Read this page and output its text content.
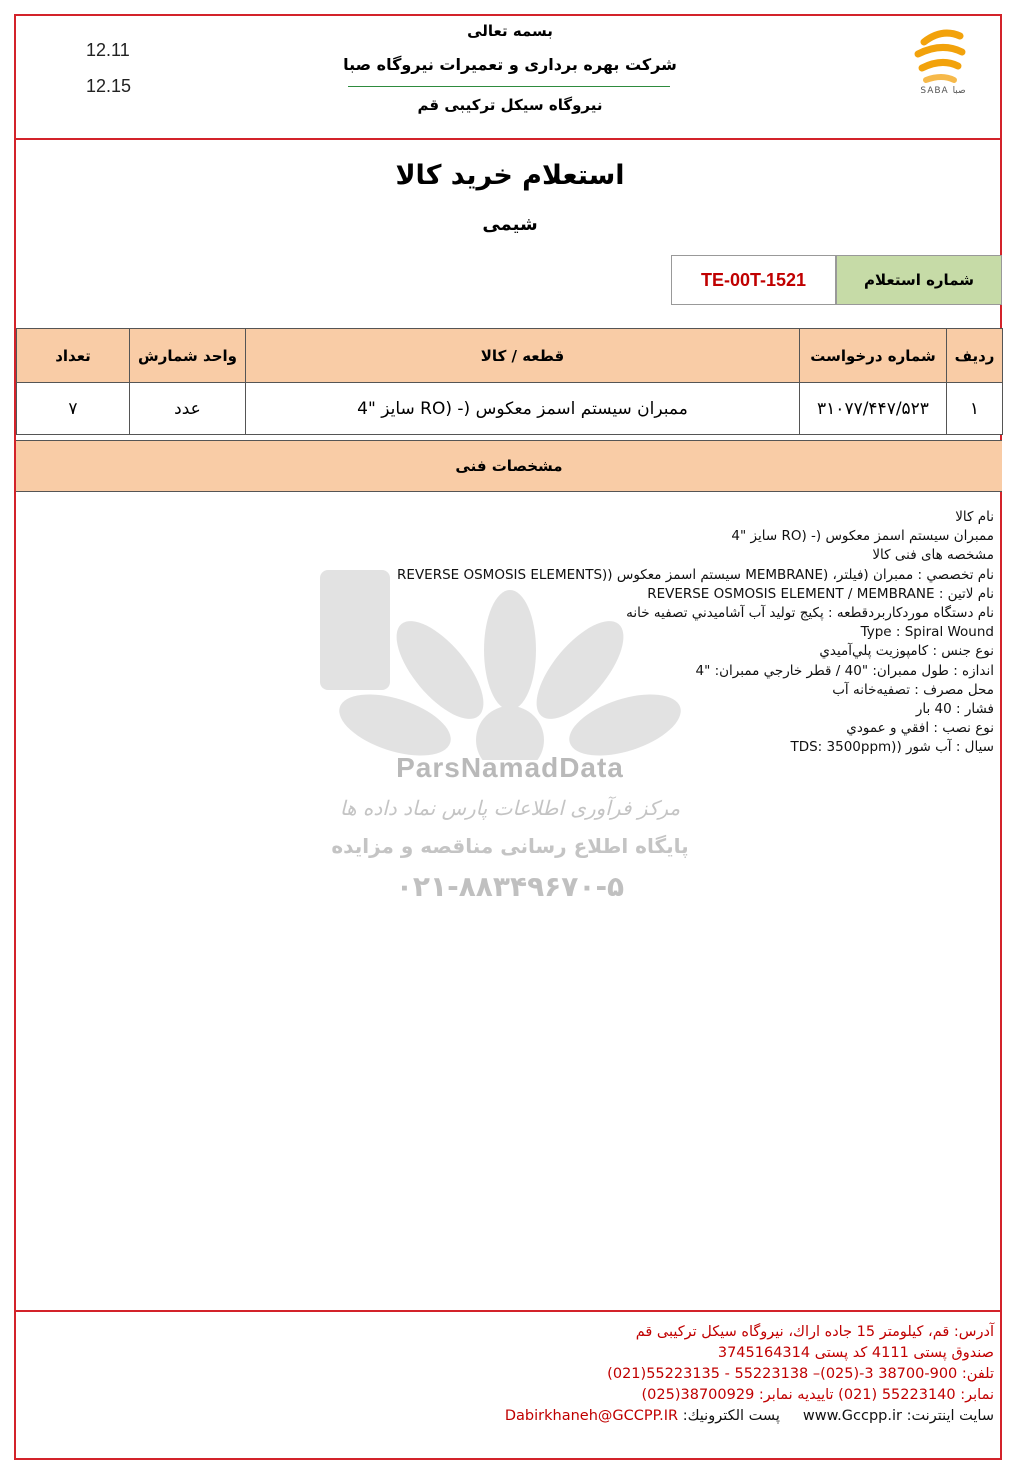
12.11
12.15
بسمه تعالی
شرکت بهره برداری و تعمیرات نیروگاه صبا
نیروگاه سیکل ترکیبی قم
SABA صبا
استعلام خرید کالا
شیمی
شماره استعلام
TE-00T-1521
ردیف	شماره درخواست	قطعه / کالا	واحد شمارش	تعداد
۱	۳۱۰۷۷/۴۴۷/۵۲۳	ممبران سیستم اسمز معکوس (- (RO سایز "4	عدد	۷
مشخصات فنی
ParsNamadData
مرکز فرآوری اطلاعات پارس نماد داده ها
پایگاه اطلاع رسانی مناقصه و مزایده
۰۲۱-۸۸۳۴۹۶۷۰-۵
نام کالا
ممبران سیستم اسمز معکوس (- (RO سایز "4
مشخصه های فنی کالا
نام تخصصي : ممبران (فيلتر، (MEMBRANE سيستم اسمز معكوس ((REVERSE OSMOSIS ELEMENTS
نام لاتين : REVERSE OSMOSIS ELEMENT / MEMBRANE
نام دستگاه موردكاربردقطعه : پكيج توليد آب آشاميدني تصفيه خانه
Type : Spiral Wound
نوع جنس : كامپوزيت پلي‌آميدي
اندازه : طول ممبران: "40 / قطر خارجي ممبران: "4
محل مصرف : تصفيه‌خانه آب
فشار : 40 بار
نوع نصب : افقي و عمودي
سيال : آب شور ((TDS: 3500ppm
آدرس: قم، کیلومتر 15 جاده اراك، نیروگاه سیکل ترکیبی قم
صندوق پستی 4111 کد پستی 3745164314
تلفن: 900-38700 3-(025)– 55223138 - 55223135(021)
نمابر: 55223140 (021) تاییدیه نمابر: 38700929(025)
سایت اینترنت: www.Gccpp.ir     پست الکترونیك: Dabirkhaneh@GCCPP.IR
